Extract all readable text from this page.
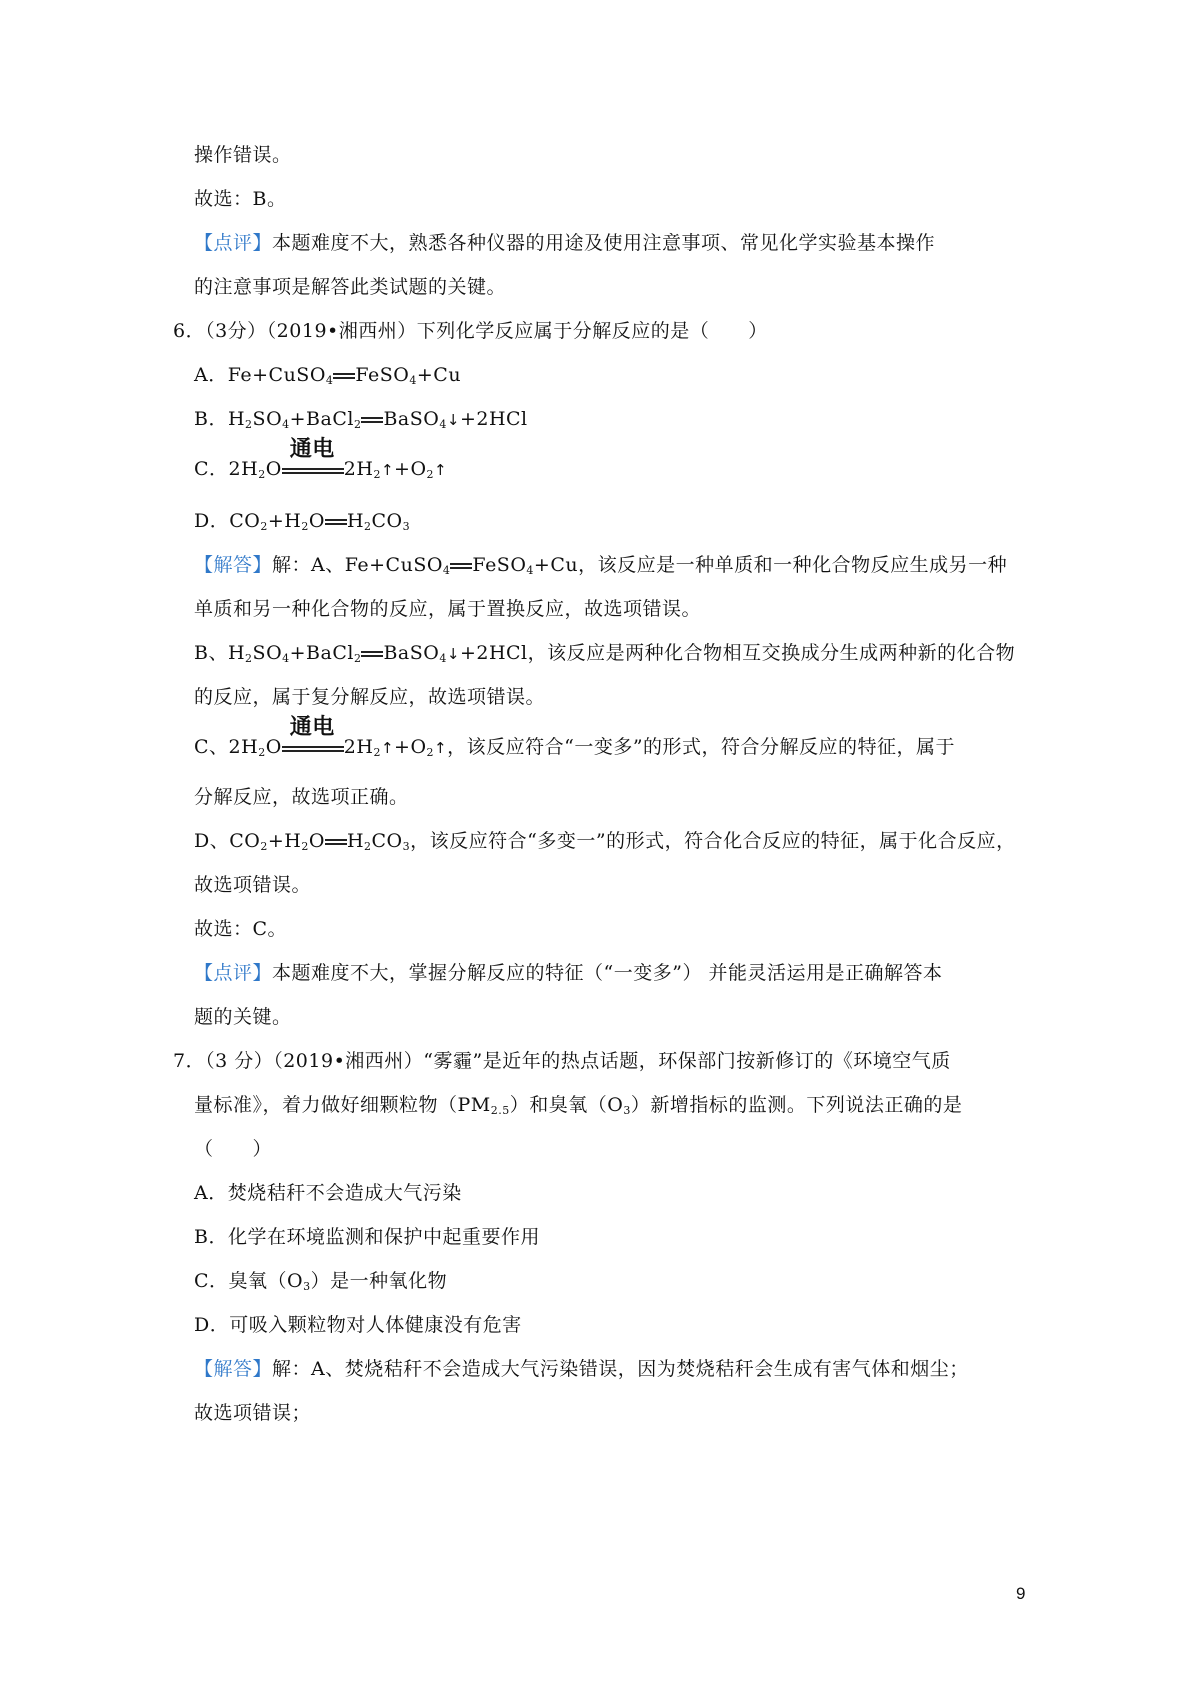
操作错误。
故选：B。
【点评】本题难度不大，熟悉各种仪器的用途及使用注意事项、常见化学实验基本操作
的注意事项是解答此类试题的关键。
6．（3分）（2019•湘西州）下列化学反应属于分解反应的是（　　）
A．Fe+CuSO$_4$ FeSO$_4$+Cu
B．$H_2SO_4+BaCl_2$ BaSO$_4$↓+2HCl
C．$2H_2O$
通电
$2H_2↑+O_2↑$
D．$CO_2+H_2O$ $H_2CO_3$
【解答】解：A、Fe+CuSO$_4$ FeSO$_4$+Cu，该反应是一种单质和一种化合物反应生成另一种
单质和另一种化合物的反应，属于置换反应，故选项错误。
B、$H_2SO_4+BaCl_2$ BaSO$_4$↓+2HCl，该反应是两种化合物相互交换成分生成两种新的化合物
的反应，属于复分解反应，故选项错误。
C、$2H_2O$
通电
$2H_2↑+O_2↑$，该反应符合“一变多”的形式，符合分解反应的特征，属于
分解反应，故选项正确。
D、$CO_2+H_2O$ $H_2CO_3$，该反应符合“多变一”的形式，符合化合反应的特征，属于化合反应，
故选项错误。
故选：C。
【点评】本题难度不大，掌握分解反应的特征（“一变多”） 并能灵活运用是正确解答本
题的关键。
7．（3 分）（2019•湘西州）“雾霾”是近年的热点话题，环保部门按新修订的《环境空气质
量标准》，着力做好细颗粒物$(PM_{2.5})$和臭氧$(O_3)$新增指标的监测。下列说法正确的是
（　　）
A．焚烧秸秆不会造成大气污染
B．化学在环境监测和保护中起重要作用
C．臭氧$(O_3)$是一种氧化物
D．可吸入颗粒物对人体健康没有危害
【解答】解：A、焚烧秸秆不会造成大气污染错误，因为焚烧秸秆会生成有害气体和烟尘；
故选项错误；
9
